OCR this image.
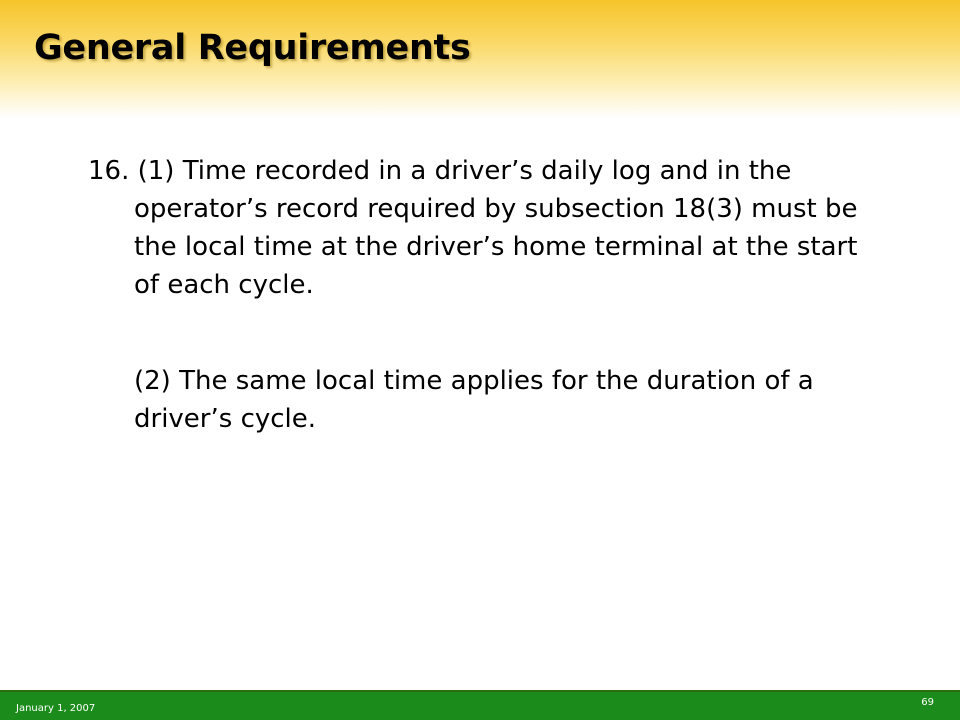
General Requirements

16. (1) Time recorded in a driver’s daily log and in the operator’s record required by subsection 18(3) must be the local time at the driver’s home terminal at the start of each cycle.

(2) The same local time applies for the duration of a driver’s cycle.

January 1, 2007
69
